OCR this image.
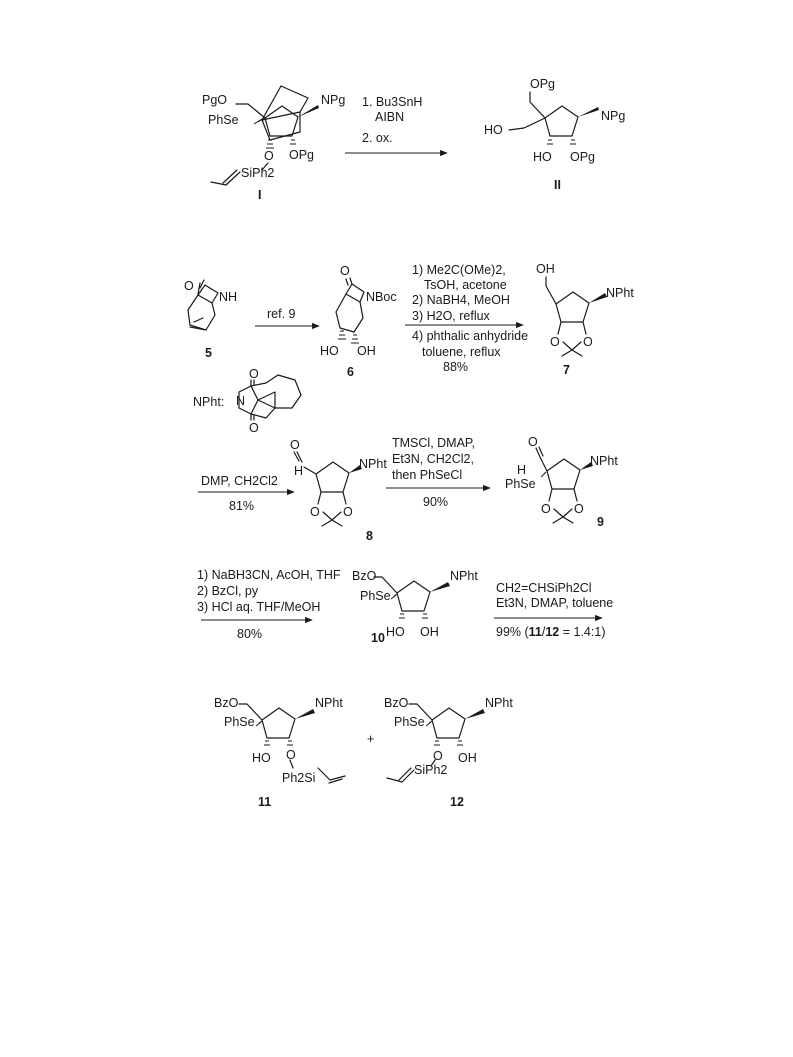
PgO
PhSe
NPg
OPg
O
SiPh2
I
1. Bu3SnH
AIBN
2. ox.
OPg
HO
NPg
HO OPg
II
O
NH
5
ref. 9
O
NBoc
HO OH
6
1) Me2C(OMe)2,
TsOH, acetone
2) NaBH4, MeOH
3) H2O, reflux
4) phthalic anhydride
toluene, reflux
88%
OH
NPht
O O
7
NPht:
O
N
O
DMP, CH2Cl2
81%
O
H	NPht
O O
8
TMSCl, DMAP,
Et3N, CH2Cl2,
then PhSeCl
90%
O
H
PhSe
NPht
O O
9
1) NaBH3CN, AcOH, THF
2) BzCl, py
3) HCl aq. THF/MeOH
80%
BzO
PhSe
NPht
HO OH
10
CH2=CHSiPh2Cl
Et3N, DMAP, toluene
99% (11/12 = 1.4:1)
BzO
PhSe
NPht
HO O
Ph2Si
11
+
BzO
PhSe
NPht
O OH
SiPh2
12
